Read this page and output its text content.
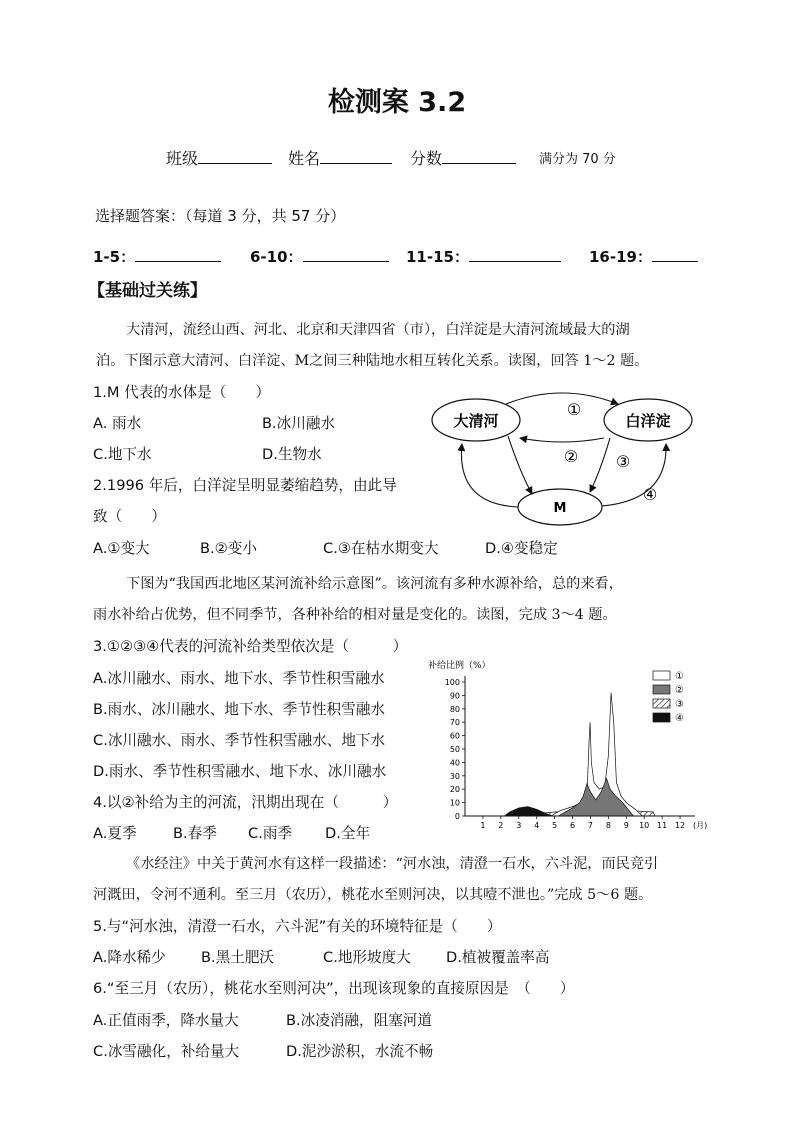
检测案 3.2
班级	姓名	分数	满分为 70 分
选择题答案：（每道 3 分，共 57 分）
1-5：	6-10：	11-15：	16-19：
【基础过关练】
大清河，流经山西、河北、北京和天津四省（市），白洋淀是大清河流域最大的湖
泊。下图示意大清河、白洋淀、M之间三种陆地水相互转化关系。读图，回答 1～2 题。
1.M 代表的水体是（　　）
A. 雨水	B.冰川融水
C.地下水	D.生物水
2.1996 年后，白洋淀呈明显萎缩趋势，由此导
致（　　）
A.①变大	B.②变小	C.③在枯水期变大	D.④变稳定
大清河	白洋淀
M
①
② ③
④
下图为“我国西北地区某河流补给示意图”。该河流有多种水源补给，总的来看，
雨水补给占优势，但不同季节，各种补给的相对量是变化的。读图，完成 3～4 题。
3.①②③④代表的河流补给类型依次是（　　　）
A.冰川融水、雨水、地下水、季节性积雪融水
B.雨水、冰川融水、地下水、季节性积雪融水
C.冰川融水、雨水、季节性积雪融水、地下水
D.雨水、季节性积雪融水、地下水、冰川融水
4.以②补给为主的河流，汛期出现在（　　　）
A.夏季 B.春季 C.雨季 D.全年
补给比例（%）
0
10
20
30
40
50
60
70
80
90
100
1 2 3 4 5 6 7 8 9 10 11 12 (月)
①
②
③
④
《水经注》中关于黄河水有这样一段描述：“河水浊，清澄一石水，六斗泥，而民竞引
河溉田，令河不通利。至三月（农历），桃花水至则河决，以其噎不泄也。”完成 5～6 题。
5.与“河水浊，清澄一石水，六斗泥”有关的环境特征是（　　）
A.降水稀少 B.黑土肥沃	C.地形坡度大 D.植被覆盖率高
6.“至三月（农历），桃花水至则河决”，出现该现象的直接原因是　（　　）
A.正值雨季，降水量大	B.冰凌消融，阻塞河道
C.冰雪融化，补给量大	D.泥沙淤积，水流不畅
